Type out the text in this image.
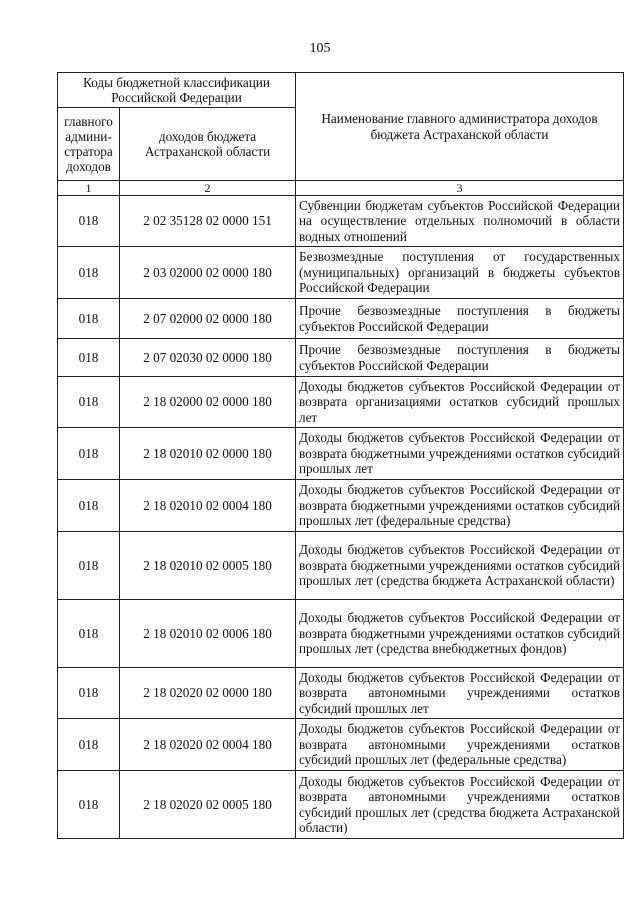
105
Коды бюджетной классификации Российской Федерации		Наименование главного администратора доходов бюджета Астраханской области
главного админи-стратора доходов	доходов бюджета Астраханской области	
1	2	3
018	2 02 35128 02 0000 151	Субвенции бюджетам субъектов Российской Федерации на осуществление отдельных полномочий в области водных отношений
018	2 03 02000 02 0000 180	Безвозмездные поступления от государственных (муниципальных) организаций в бюджеты субъектов Российской Федерации
018	2 07 02000 02 0000 180	Прочие безвозмездные поступления в бюджеты субъектов Российской Федерации
018	2 07 02030 02 0000 180	Прочие безвозмездные поступления в бюджеты субъектов Российской Федерации
018	2 18 02000 02 0000 180	Доходы бюджетов субъектов Российской Федерации от возврата организациями остатков субсидий прошлых лет
018	2 18 02010 02 0000 180	Доходы бюджетов субъектов Российской Федерации от возврата бюджетными учреждениями остатков субсидий прошлых лет
018	2 18 02010 02 0004 180	Доходы бюджетов субъектов Российской Федерации от возврата бюджетными учреждениями остатков субсидий прошлых лет (федеральные средства)
018	2 18 02010 02 0005 180	Доходы бюджетов субъектов Российской Федерации от возврата бюджетными учреждениями остатков субсидий прошлых лет (средства бюджета Астраханской области)
018	2 18 02010 02 0006 180	Доходы бюджетов субъектов Российской Федерации от возврата бюджетными учреждениями остатков субсидий прошлых лет (средства внебюджетных фондов)
018	2 18 02020 02 0000 180	Доходы бюджетов субъектов Российской Федерации от возврата автономными учреждениями остатков субсидий прошлых лет
018	2 18 02020 02 0004 180	Доходы бюджетов субъектов Российской Федерации от возврата автономными учреждениями остатков субсидий прошлых лет (федеральные средства)
018	2 18 02020 02 0005 180	Доходы бюджетов субъектов Российской Федерации от возврата автономными учреждениями остатков субсидий прошлых лет (средства бюджета Астраханской области)
